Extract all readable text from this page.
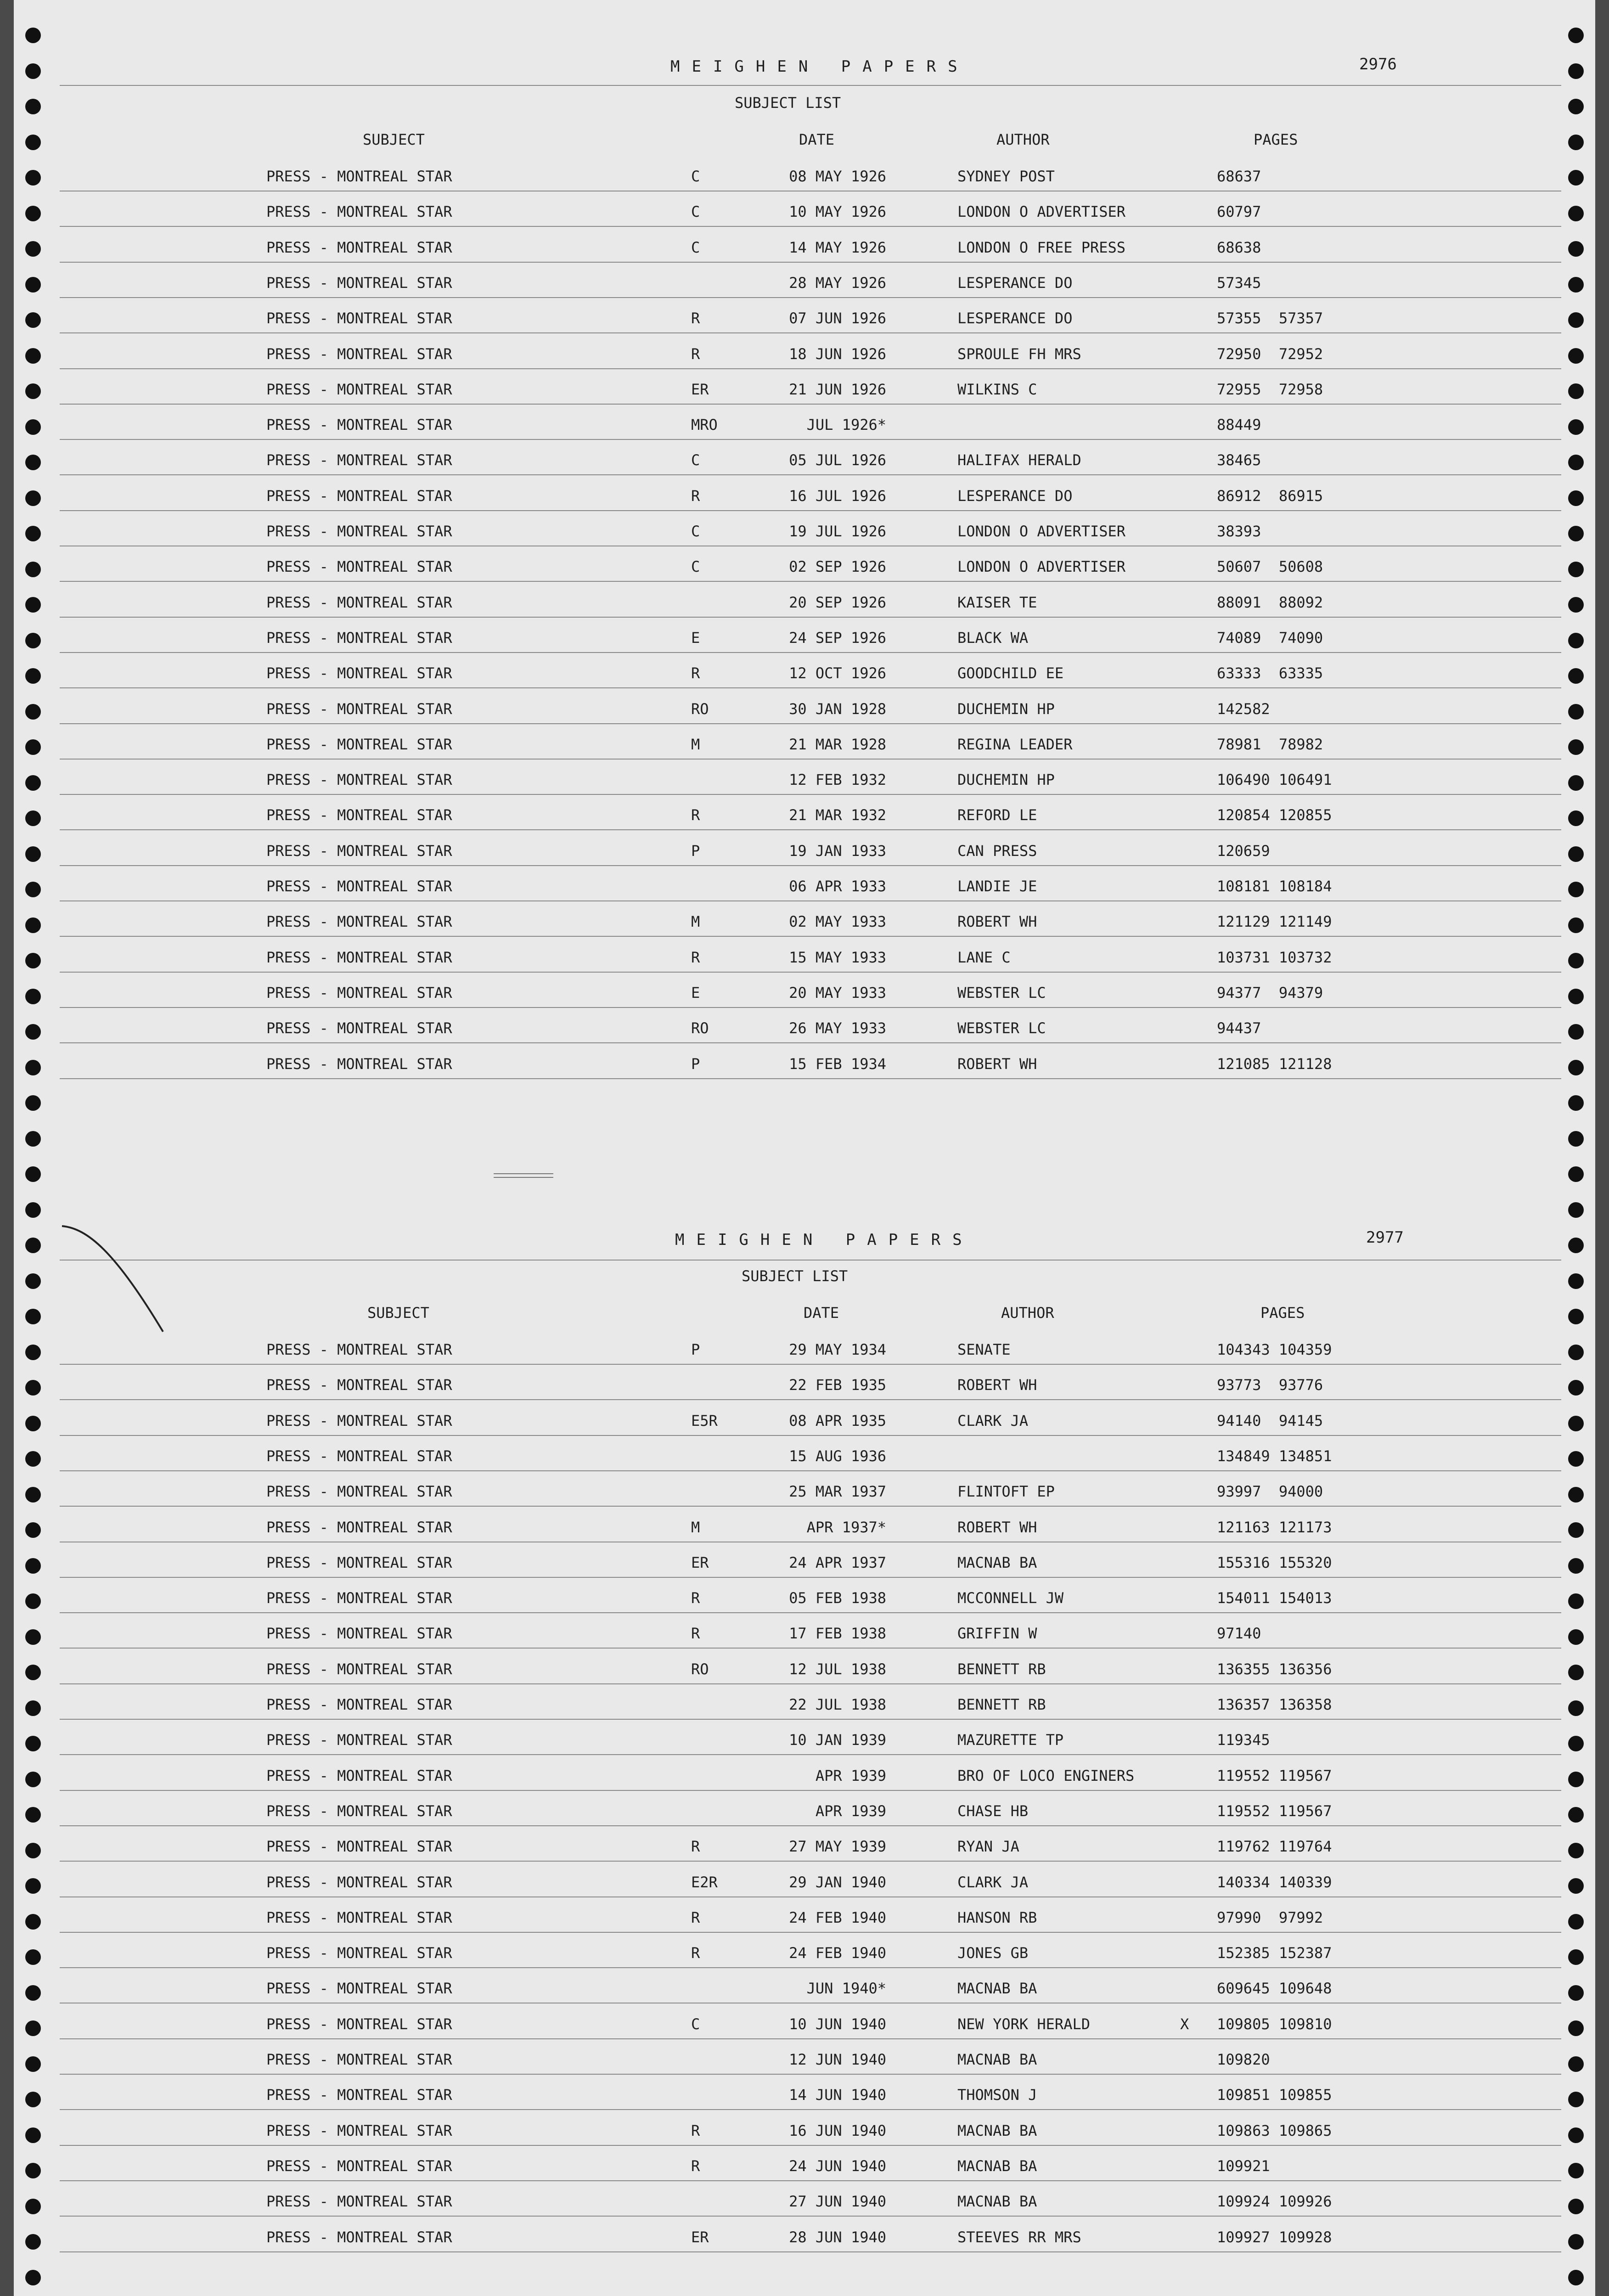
MEIGHEN PAPERS	2976
SUBJECT LIST
SUBJECT	DATE	AUTHOR	PAGES
PRESS - MONTREAL STAR	C	08 MAY 1926	SYDNEY POST	68637
PRESS - MONTREAL STAR	C	10 MAY 1926	LONDON O ADVERTISER	60797
PRESS - MONTREAL STAR	C	14 MAY 1926	LONDON O FREE PRESS	68638
PRESS - MONTREAL STAR	28 MAY 1926	LESPERANCE DO	57345
PRESS - MONTREAL STAR	R	07 JUN 1926	LESPERANCE DO	57355  57357
PRESS - MONTREAL STAR	R	18 JUN 1926	SPROULE FH MRS	72950  72952
PRESS - MONTREAL STAR	ER	21 JUN 1926	WILKINS C	72955  72958
PRESS - MONTREAL STAR	MRO	JUL 1926*	88449
PRESS - MONTREAL STAR	C	05 JUL 1926	HALIFAX HERALD	38465
PRESS - MONTREAL STAR	R	16 JUL 1926	LESPERANCE DO	86912  86915
PRESS - MONTREAL STAR	C	19 JUL 1926	LONDON O ADVERTISER	38393
PRESS - MONTREAL STAR	C	02 SEP 1926	LONDON O ADVERTISER	50607  50608
PRESS - MONTREAL STAR	20 SEP 1926	KAISER TE	88091  88092
PRESS - MONTREAL STAR	E	24 SEP 1926	BLACK WA	74089  74090
PRESS - MONTREAL STAR	R	12 OCT 1926	GOODCHILD EE	63333  63335
PRESS - MONTREAL STAR	RO	30 JAN 1928	DUCHEMIN HP	142582
PRESS - MONTREAL STAR	M	21 MAR 1928	REGINA LEADER	78981  78982
PRESS - MONTREAL STAR	12 FEB 1932	DUCHEMIN HP	106490 106491
PRESS - MONTREAL STAR	R	21 MAR 1932	REFORD LE	120854 120855
PRESS - MONTREAL STAR	P	19 JAN 1933	CAN PRESS	120659
PRESS - MONTREAL STAR	06 APR 1933	LANDIE JE	108181 108184
PRESS - MONTREAL STAR	M	02 MAY 1933	ROBERT WH	121129 121149
PRESS - MONTREAL STAR	R	15 MAY 1933	LANE C	103731 103732
PRESS - MONTREAL STAR	E	20 MAY 1933	WEBSTER LC	94377  94379
PRESS - MONTREAL STAR	RO	26 MAY 1933	WEBSTER LC	94437
PRESS - MONTREAL STAR	P	15 FEB 1934	ROBERT WH	121085 121128
MEIGHEN PAPERS	2977
SUBJECT LIST
SUBJECT	DATE	AUTHOR	PAGES
PRESS - MONTREAL STAR	P	29 MAY 1934	SENATE	104343 104359
PRESS - MONTREAL STAR	22 FEB 1935	ROBERT WH	93773  93776
PRESS - MONTREAL STAR	E5R	08 APR 1935	CLARK JA	94140  94145
PRESS - MONTREAL STAR	15 AUG 1936	134849 134851
PRESS - MONTREAL STAR	25 MAR 1937	FLINTOFT EP	93997  94000
PRESS - MONTREAL STAR	M	APR 1937*	ROBERT WH	121163 121173
PRESS - MONTREAL STAR	ER	24 APR 1937	MACNAB BA	155316 155320
PRESS - MONTREAL STAR	R	05 FEB 1938	MCCONNELL JW	154011 154013
PRESS - MONTREAL STAR	R	17 FEB 1938	GRIFFIN W	97140
PRESS - MONTREAL STAR	RO	12 JUL 1938	BENNETT RB	136355 136356
PRESS - MONTREAL STAR	22 JUL 1938	BENNETT RB	136357 136358
PRESS - MONTREAL STAR	10 JAN 1939	MAZURETTE TP	119345
PRESS - MONTREAL STAR	APR 1939	BRO OF LOCO ENGINERS	119552 119567
PRESS - MONTREAL STAR	APR 1939	CHASE HB	119552 119567
PRESS - MONTREAL STAR	R	27 MAY 1939	RYAN JA	119762 119764
PRESS - MONTREAL STAR	E2R	29 JAN 1940	CLARK JA	140334 140339
PRESS - MONTREAL STAR	R	24 FEB 1940	HANSON RB	97990  97992
PRESS - MONTREAL STAR	R	24 FEB 1940	JONES GB	152385 152387
PRESS - MONTREAL STAR	JUN 1940*	MACNAB BA	609645 109648
PRESS - MONTREAL STAR	C	10 JUN 1940	NEW YORK HERALD	X 109805 109810
PRESS - MONTREAL STAR	12 JUN 1940	MACNAB BA	109820
PRESS - MONTREAL STAR	14 JUN 1940	THOMSON J	109851 109855
PRESS - MONTREAL STAR	R	16 JUN 1940	MACNAB BA	109863 109865
PRESS - MONTREAL STAR	R	24 JUN 1940	MACNAB BA	109921
PRESS - MONTREAL STAR	27 JUN 1940	MACNAB BA	109924 109926
PRESS - MONTREAL STAR	ER	28 JUN 1940	STEEVES RR MRS	109927 109928
